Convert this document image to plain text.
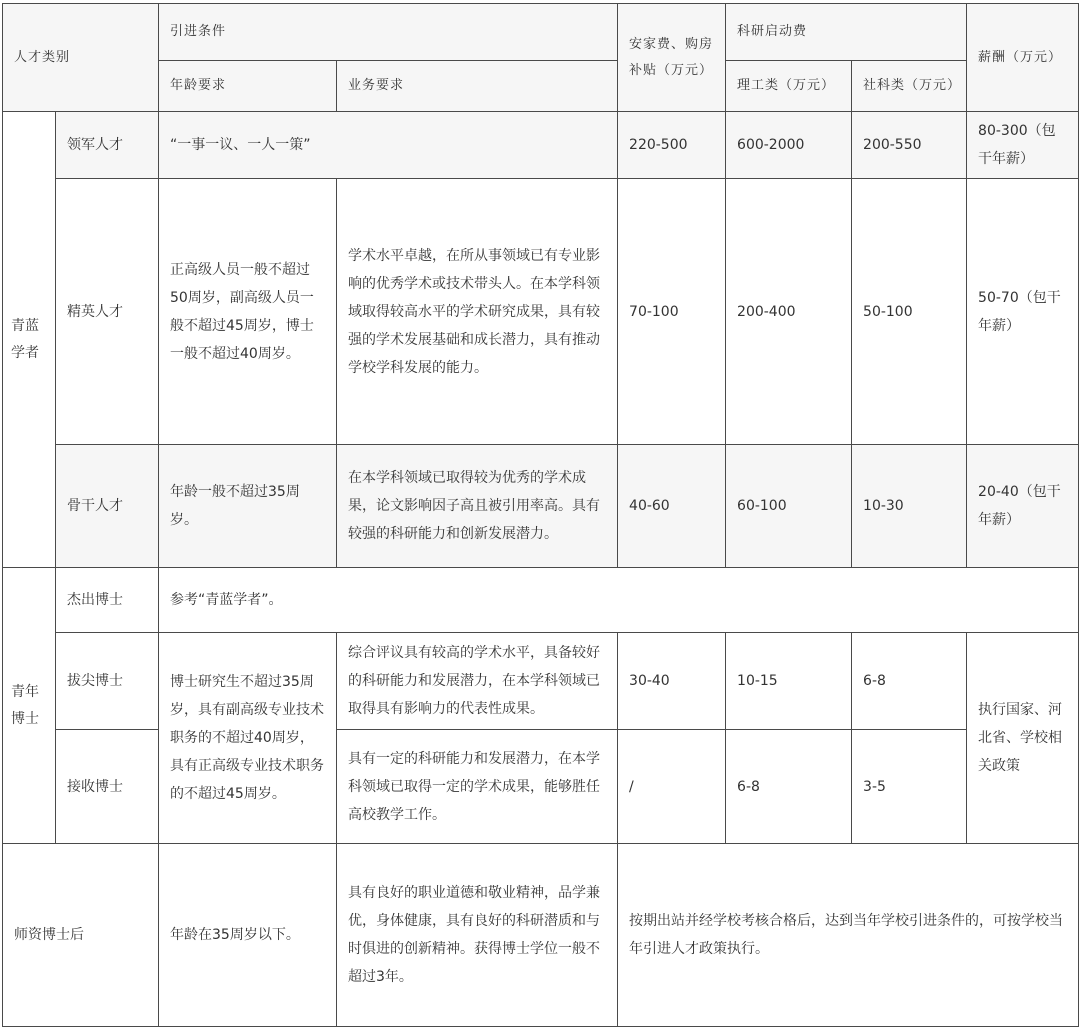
人才类别		引进条件		安家费、购房补贴（万元）	科研启动费		薪酬（万元）
		年龄要求	业务要求		理工类（万元）	社科类（万元）	
青蓝学者	领军人才	“一事一议、一人一策”		220-500	600-2000	200-550	80-300（包干年薪）
	精英人才	正高级人员一般不超过50周岁，副高级人员一般不超过45周岁，博士一般不超过40周岁。	学术水平卓越，在所从事领域已有专业影响的优秀学术或技术带头人。在本学科领域取得较高水平的学术研究成果，具有较强的学术发展基础和成长潜力，具有推动学校学科发展的能力。	70-100	200-400	50-100	50-70（包干年薪）
	骨干人才	年龄一般不超过35周岁。	在本学科领域已取得较为优秀的学术成果，论文影响因子高且被引用率高。具有较强的科研能力和创新发展潜力。	40-60	60-100	10-30	20-40（包干年薪）
青年博士	杰出博士	参考“青蓝学者”。					
	拔尖博士	博士研究生不超过35周岁，具有副高级专业技术职务的不超过40周岁，具有正高级专业技术职务的不超过45周岁。	综合评议具有较高的学术水平，具备较好的科研能力和发展潜力，在本学科领域已取得具有影响力的代表性成果。	30-40	10-15	6-8	执行国家、河北省、学校相关政策
	接收博士		具有一定的科研能力和发展潜力，在本学科领域已取得一定的学术成果，能够胜任高校教学工作。	/	6-8	3-5	
师资博士后		年龄在35周岁以下。	具有良好的职业道德和敬业精神，品学兼优，身体健康，具有良好的科研潜质和与时俱进的创新精神。获得博士学位一般不超过3年。	按期出站并经学校考核合格后，达到当年学校引进条件的，可按学校当年引进人才政策执行。			
